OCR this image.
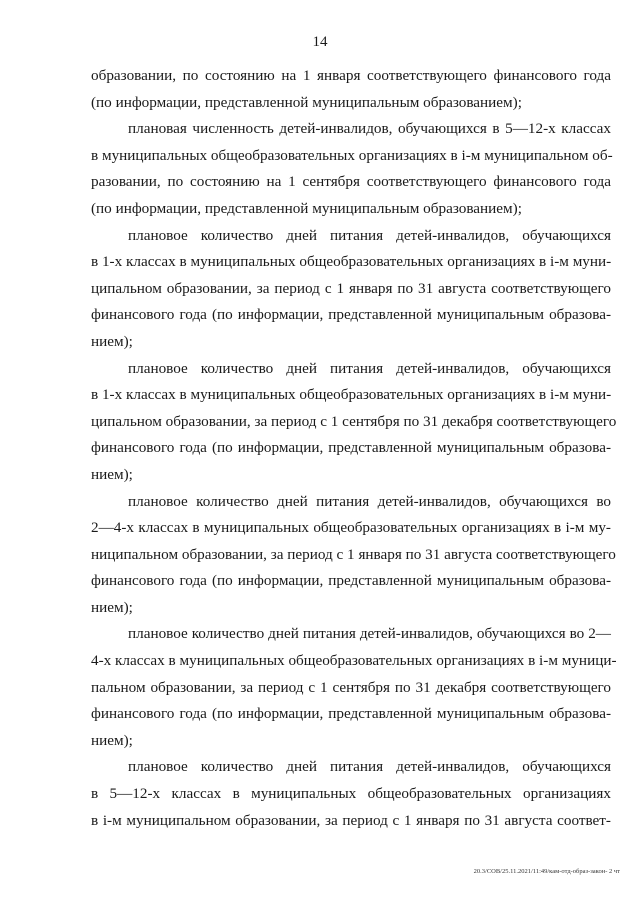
14
образовании, по состоянию на 1 января соответствующего финансового года
(по информации, представленной муниципальным образованием);
плановая численность детей-инвалидов, обучающихся в 5—12-х классах
в муниципальных общеобразовательных организациях в i-м муниципальном об-
разовании, по состоянию на 1 сентября соответствующего финансового года
(по информации, представленной муниципальным образованием);
плановое количество дней питания детей-инвалидов, обучающихся
в 1-х классах в муниципальных общеобразовательных организациях в i-м муни-
ципальном образовании, за период с 1 января по 31 августа соответствующего
финансового года (по информации, представленной муниципальным образова-
нием);
плановое количество дней питания детей-инвалидов, обучающихся
в 1-х классах в муниципальных общеобразовательных организациях в i-м муни-
ципальном образовании, за период с 1 сентября по 31 декабря соответствующего
финансового года (по информации, представленной муниципальным образова-
нием);
плановое количество дней питания детей-инвалидов, обучающихся во
2—4-х классах в муниципальных общеобразовательных организациях в i-м му-
ниципальном образовании, за период с 1 января по 31 августа соответствующего
финансового года (по информации, представленной муниципальным образова-
нием);
плановое количество дней питания детей-инвалидов, обучающихся во 2—
4-х классах в муниципальных общеобразовательных организациях в i-м муници-
пальном образовании, за период с 1 сентября по 31 декабря соответствующего
финансового года (по информации, представленной муниципальным образова-
нием);
плановое количество дней питания детей-инвалидов, обучающихся
в 5—12-х классах в муниципальных общеобразовательных организациях
в i-м муниципальном образовании, за период с 1 января по 31 августа соответ-
20.3/CОВ/25.11.2021/11:49/кам-отд-образ-закон- 2 чт
